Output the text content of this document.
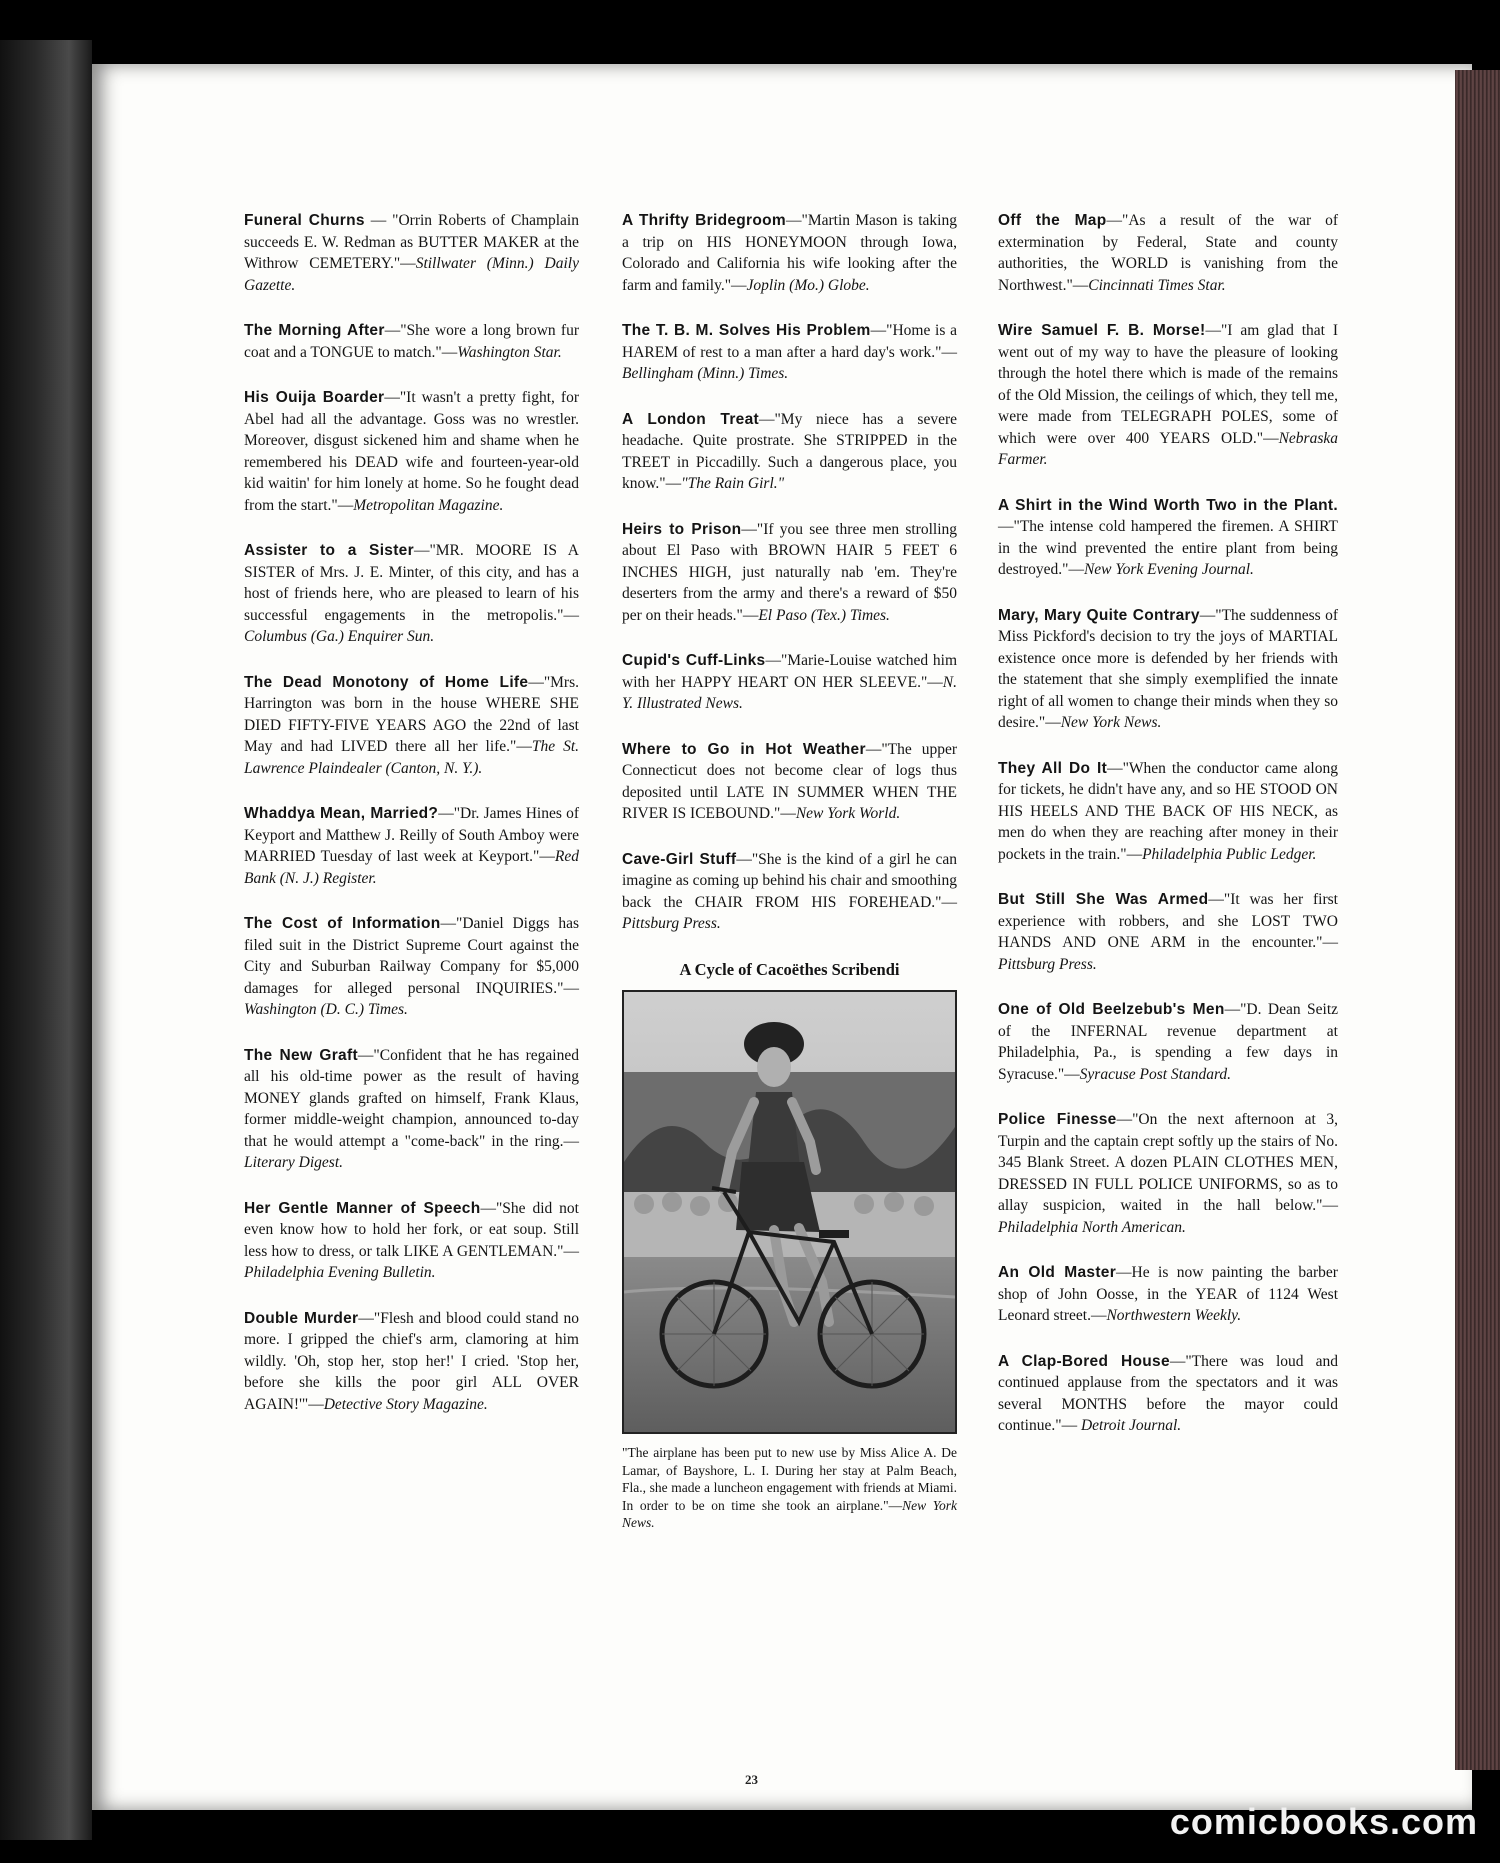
Funeral Churns — "Orrin Roberts of Champlain succeeds E. W. Redman as BUTTER MAKER at the Withrow CEMETERY."—Stillwater (Minn.) Daily Gazette.
The Morning After—"She wore a long brown fur coat and a TONGUE to match."—Washington Star.
His Ouija Boarder—"It wasn't a pretty fight, for Abel had all the advantage. Goss was no wrestler. Moreover, disgust sickened him and shame when he remembered his DEAD wife and fourteen-year-old kid waitin' for him lonely at home. So he fought dead from the start."—Metropolitan Magazine.
Assister to a Sister—"MR. MOORE IS A SISTER of Mrs. J. E. Minter, of this city, and has a host of friends here, who are pleased to learn of his successful engagements in the metropolis."—Columbus (Ga.) Enquirer Sun.
The Dead Monotony of Home Life—"Mrs. Harrington was born in the house WHERE SHE DIED FIFTY-FIVE YEARS AGO the 22nd of last May and had LIVED there all her life."—The St. Lawrence Plaindealer (Canton, N. Y.).
Whaddya Mean, Married?—"Dr. James Hines of Keyport and Matthew J. Reilly of South Amboy were MARRIED Tuesday of last week at Keyport."—Red Bank (N. J.) Register.
The Cost of Information—"Daniel Diggs has filed suit in the District Supreme Court against the City and Suburban Railway Company for $5,000 damages for alleged personal INQUIRIES."—Washington (D. C.) Times.
The New Graft—"Confident that he has regained all his old-time power as the result of having MONEY glands grafted on himself, Frank Klaus, former middle-weight champion, announced to-day that he would attempt a "come-back" in the ring.—Literary Digest.
Her Gentle Manner of Speech—"She did not even know how to hold her fork, or eat soup. Still less how to dress, or talk LIKE A GENTLEMAN."—Philadelphia Evening Bulletin.
Double Murder—"Flesh and blood could stand no more. I gripped the chief's arm, clamoring at him wildly. 'Oh, stop her, stop her!' I cried. 'Stop her, before she kills the poor girl ALL OVER AGAIN!'"—Detective Story Magazine.
A Thrifty Bridegroom—"Martin Mason is taking a trip on HIS HONEYMOON through Iowa, Colorado and California his wife looking after the farm and family."—Joplin (Mo.) Globe.
The T. B. M. Solves His Problem—"Home is a HAREM of rest to a man after a hard day's work."—Bellingham (Minn.) Times.
A London Treat—"My niece has a severe headache. Quite prostrate. She STRIPPED in the TREET in Piccadilly. Such a dangerous place, you know."—"The Rain Girl."
Heirs to Prison—"If you see three men strolling about El Paso with BROWN HAIR 5 FEET 6 INCHES HIGH, just naturally nab 'em. They're deserters from the army and there's a reward of $50 per on their heads."—El Paso (Tex.) Times.
Cupid's Cuff-Links—"Marie-Louise watched him with her HAPPY HEART ON HER SLEEVE."—N. Y. Illustrated News.
Where to Go in Hot Weather—"The upper Connecticut does not become clear of logs thus deposited until LATE IN SUMMER WHEN THE RIVER IS ICEBOUND."—New York World.
Cave-Girl Stuff—"She is the kind of a girl he can imagine as coming up behind his chair and smoothing back the CHAIR FROM HIS FOREHEAD."—Pittsburg Press.
A Cycle of Cacoëthes Scribendi
"The airplane has been put to new use by Miss Alice A. De Lamar, of Bayshore, L. I. During her stay at Palm Beach, Fla., she made a luncheon engagement with friends at Miami. In order to be on time she took an airplane."—New York News.
Off the Map—"As a result of the war of extermination by Federal, State and county authorities, the WORLD is vanishing from the Northwest."—Cincinnati Times Star.
Wire Samuel F. B. Morse!—"I am glad that I went out of my way to have the pleasure of looking through the hotel there which is made of the remains of the Old Mission, the ceilings of which, they tell me, were made from TELEGRAPH POLES, some of which were over 400 YEARS OLD."—Nebraska Farmer.
A Shirt in the Wind Worth Two in the Plant.—"The intense cold hampered the firemen. A SHIRT in the wind prevented the entire plant from being destroyed."—New York Evening Journal.
Mary, Mary Quite Contrary—"The suddenness of Miss Pickford's decision to try the joys of MARTIAL existence once more is defended by her friends with the statement that she simply exemplified the innate right of all women to change their minds when they so desire."—New York News.
They All Do It—"When the conductor came along for tickets, he didn't have any, and so HE STOOD ON HIS HEELS AND THE BACK OF HIS NECK, as men do when they are reaching after money in their pockets in the train."—Philadelphia Public Ledger.
But Still She Was Armed—"It was her first experience with robbers, and she LOST TWO HANDS AND ONE ARM in the encounter."—Pittsburg Press.
One of Old Beelzebub's Men—"D. Dean Seitz of the INFERNAL revenue department at Philadelphia, Pa., is spending a few days in Syracuse."—Syracuse Post Standard.
Police Finesse—"On the next afternoon at 3, Turpin and the captain crept softly up the stairs of No. 345 Blank Street. A dozen PLAIN CLOTHES MEN, DRESSED IN FULL POLICE UNIFORMS, so as to allay suspicion, waited in the hall below."—Philadelphia North American.
An Old Master—He is now painting the barber shop of John Oosse, in the YEAR of 1124 West Leonard street.—Northwestern Weekly.
A Clap-Bored House—"There was loud and continued applause from the spectators and it was several MONTHS before the mayor could continue."— Detroit Journal.
23
comicbooks.com
